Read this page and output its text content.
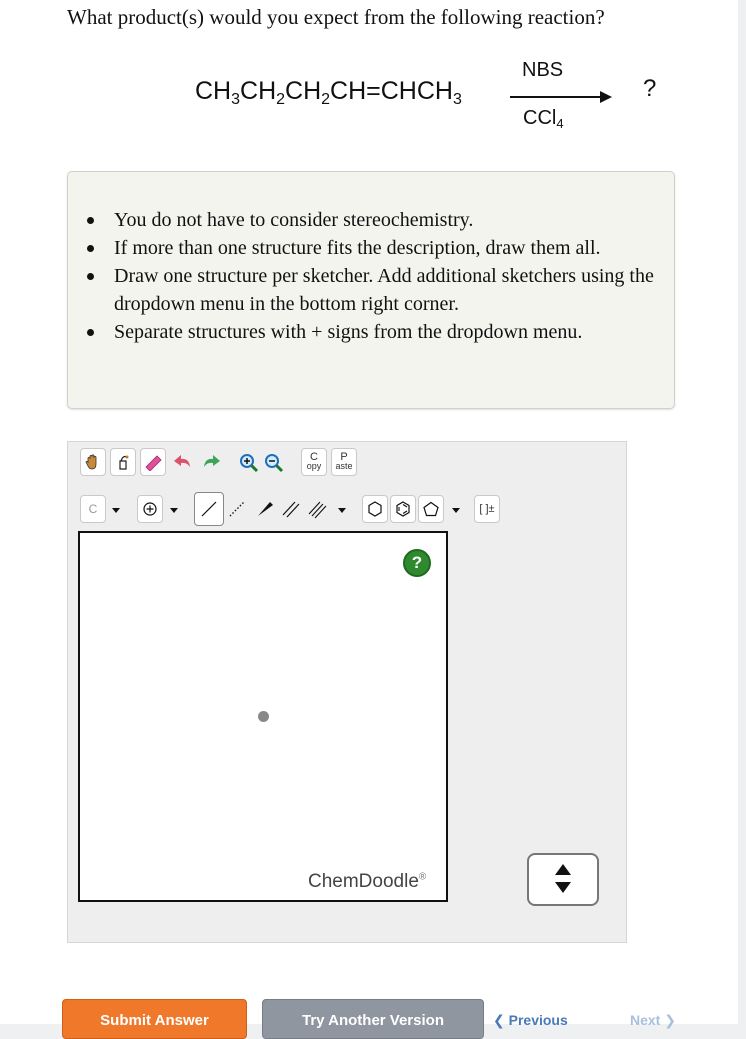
What product(s) would you expect from the following reaction?
$CH_3CH_2CH_2CH=CHCH_3$
NBS
CCl$_4$
?
You do not have to consider stereochemistry.
If more than one structure fits the description, draw them all.
Draw one structure per sketcher. Add additional sketchers using the dropdown menu in the bottom right corner.
Separate structures with + signs from the dropdown menu.
C
opy
P
aste
C	[ ]±
?
ChemDoodle®
Submit Answer	Try Another Version	❮ Previous	Next ❯
